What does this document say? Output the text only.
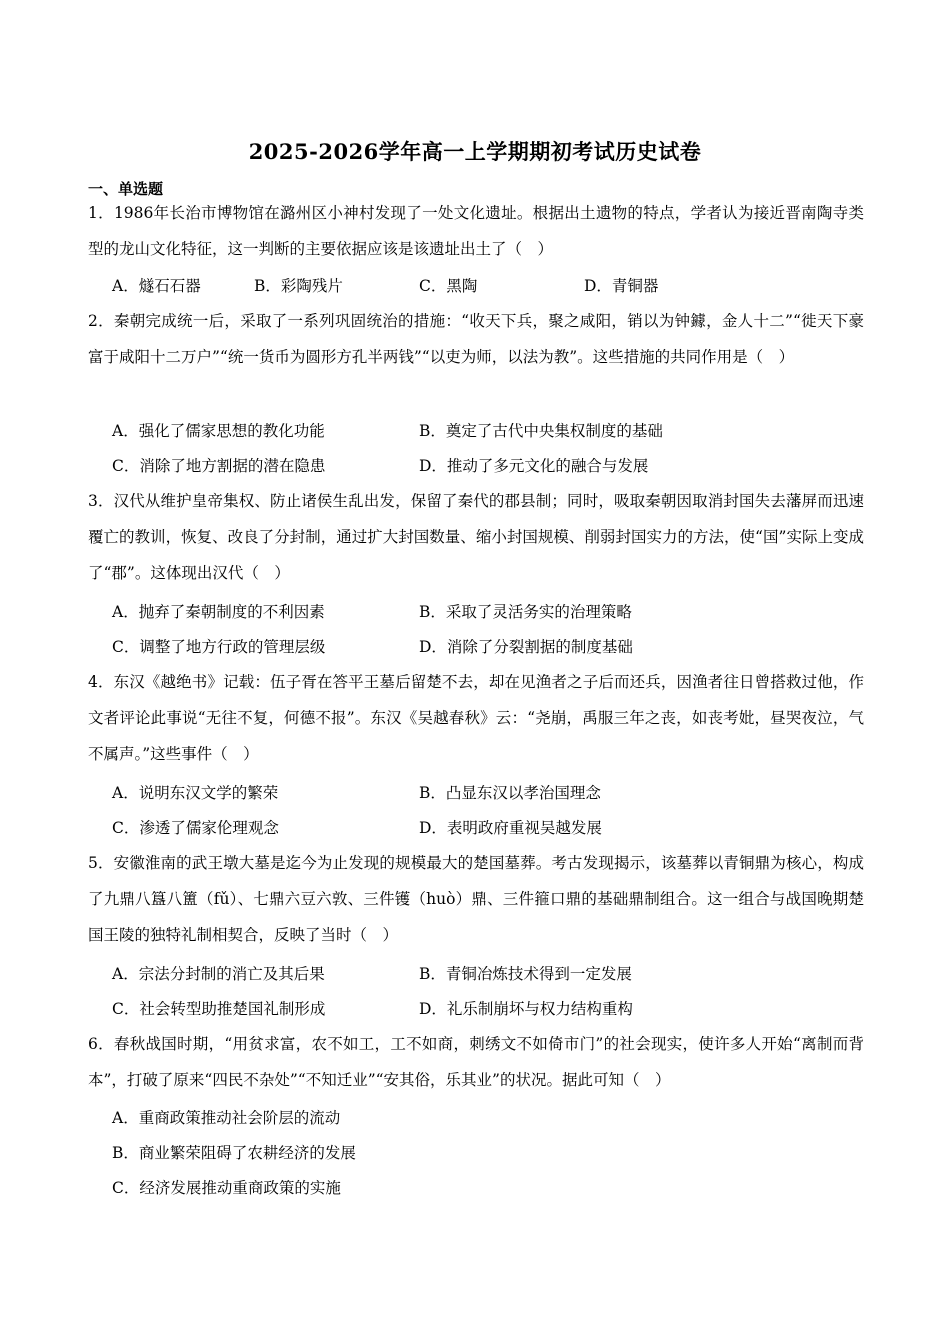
2025-2026学年高一上学期期初考试历史试卷
一、单选题
1．1986年长治市博物馆在潞州区小神村发现了一处文化遗址。根据出土遗物的特点，学者认为接近晋南陶寺类型的龙山文化特征，这一判断的主要依据应该是该遗址出土了（　）
A．燧石石器	B．彩陶残片	C．黑陶	D．青铜器
2．秦朝完成统一后，采取了一系列巩固统治的措施：“收天下兵，聚之咸阳，销以为钟鐻，金人十二”“徙天下豪富于咸阳十二万户”“统一货币为圆形方孔半两钱”“以吏为师，以法为教”。这些措施的共同作用是（　）
A．强化了儒家思想的教化功能	B．奠定了古代中央集权制度的基础
C．消除了地方割据的潜在隐患	D．推动了多元文化的融合与发展
3．汉代从维护皇帝集权、防止诸侯生乱出发，保留了秦代的郡县制；同时，吸取秦朝因取消封国失去藩屏而迅速覆亡的教训，恢复、改良了分封制，通过扩大封国数量、缩小封国规模、削弱封国实力的方法，使“国”实际上变成了“郡”。这体现出汉代（　）
A．抛弃了秦朝制度的不利因素	B．采取了灵活务实的治理策略
C．调整了地方行政的管理层级	D．消除了分裂割据的制度基础
4．东汉《越绝书》记载：伍子胥在答平王墓后留楚不去，却在见渔者之子后而还兵，因渔者往日曾搭救过他，作文者评论此事说“无往不复，何德不报”。东汉《吴越春秋》云：“尧崩，禹服三年之丧，如丧考妣，昼哭夜泣，气不属声。”这些事件（　）
A．说明东汉文学的繁荣	B．凸显东汉以孝治国理念
C．渗透了儒家伦理观念	D．表明政府重视吴越发展
5．安徽淮南的武王墩大墓是迄今为止发现的规模最大的楚国墓葬。考古发现揭示，该墓葬以青铜鼎为核心，构成了九鼎八簋八簠（fǔ）、七鼎六豆六敦、三件镬（huò）鼎、三件箍口鼎的基础鼎制组合。这一组合与战国晚期楚国王陵的独特礼制相契合，反映了当时（　）
A．宗法分封制的消亡及其后果	B．青铜冶炼技术得到一定发展
C．社会转型助推楚国礼制形成	D．礼乐制崩坏与权力结构重构
6．春秋战国时期，“用贫求富，农不如工，工不如商，刺绣文不如倚市门”的社会现实，使许多人开始“离制而背本”，打破了原来“四民不杂处”“不知迁业”“安其俗，乐其业”的状况。据此可知（　）
A．重商政策推动社会阶层的流动
B．商业繁荣阻碍了农耕经济的发展
C．经济发展推动重商政策的实施
